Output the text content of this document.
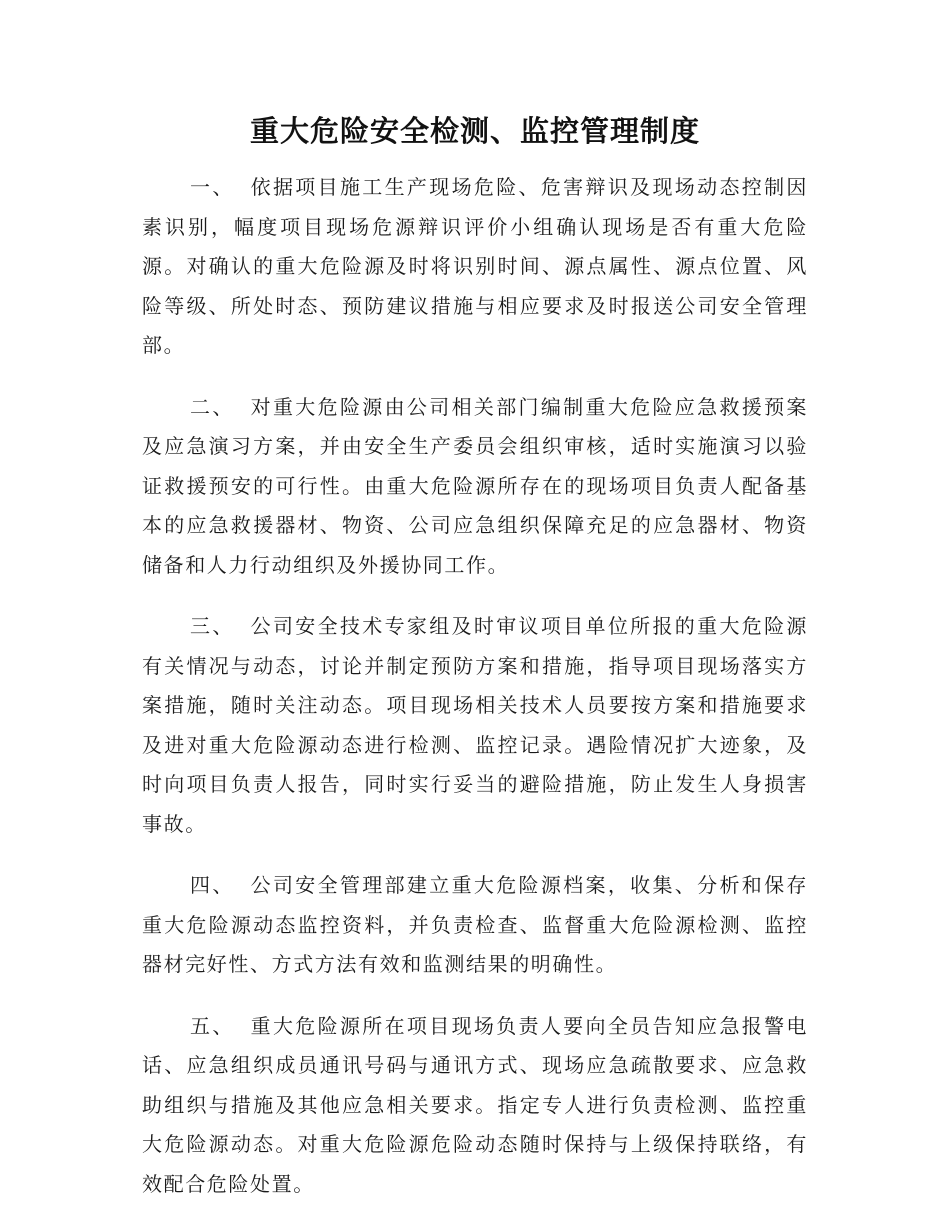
重大危险安全检测、监控管理制度

一、 依据项目施工生产现场危险、危害辩识及现场动态控制因素识别，幅度项目现场危源辩识评价小组确认现场是否有重大危险源。对确认的重大危险源及时将识别时间、源点属性、源点位置、风险等级、所处时态、预防建议措施与相应要求及时报送公司安全管理部。

二、 对重大危险源由公司相关部门编制重大危险应急救援预案及应急演习方案，并由安全生产委员会组织审核，适时实施演习以验证救援预安的可行性。由重大危险源所存在的现场项目负责人配备基本的应急救援器材、物资、公司应急组织保障充足的应急器材、物资储备和人力行动组织及外援协同工作。

三、 公司安全技术专家组及时审议项目单位所报的重大危险源有关情况与动态，讨论并制定预防方案和措施，指导项目现场落实方案措施，随时关注动态。项目现场相关技术人员要按方案和措施要求及进对重大危险源动态进行检测、监控记录。遇险情况扩大迹象，及时向项目负责人报告，同时实行妥当的避险措施，防止发生人身损害事故。

四、 公司安全管理部建立重大危险源档案，收集、分析和保存重大危险源动态监控资料，并负责检查、监督重大危险源检测、监控器材完好性、方式方法有效和监测结果的明确性。

五、 重大危险源所在项目现场负责人要向全员告知应急报警电话、应急组织成员通讯号码与通讯方式、现场应急疏散要求、应急救助组织与措施及其他应急相关要求。指定专人进行负责检测、监控重大危险源动态。对重大危险源危险动态随时保持与上级保持联络，有效配合危险处置。
